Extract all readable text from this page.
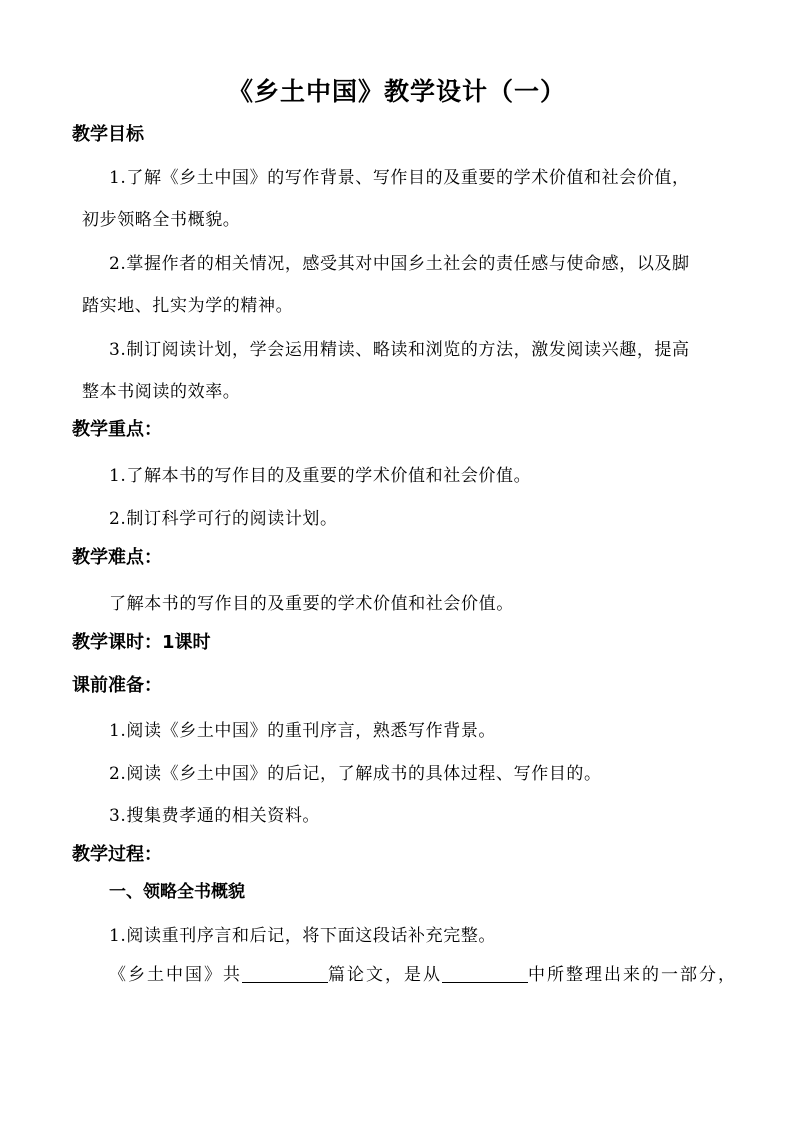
《乡土中国》教学设计（一）
教学目标
1.了解《乡土中国》的写作背景、写作目的及重要的学术价值和社会价值，
初步领略全书概貌。
2.掌握作者的相关情况，感受其对中国乡土社会的责任感与使命感，以及脚
踏实地、扎实为学的精神。
3.制订阅读计划，学会运用精读、略读和浏览的方法，激发阅读兴趣，提高
整本书阅读的效率。
教学重点：
1.了解本书的写作目的及重要的学术价值和社会价值。
2.制订科学可行的阅读计划。
教学难点：
了解本书的写作目的及重要的学术价值和社会价值。
教学课时：1课时
课前准备：
1.阅读《乡土中国》的重刊序言，熟悉写作背景。
2.阅读《乡土中国》的后记，了解成书的具体过程、写作目的。
3.搜集费孝通的相关资料。
教学过程：
一、领略全书概貌
1.阅读重刊序言和后记，将下面这段话补充完整。
《乡土中国》共	篇论文，是从	中所整理出来的一部分，
